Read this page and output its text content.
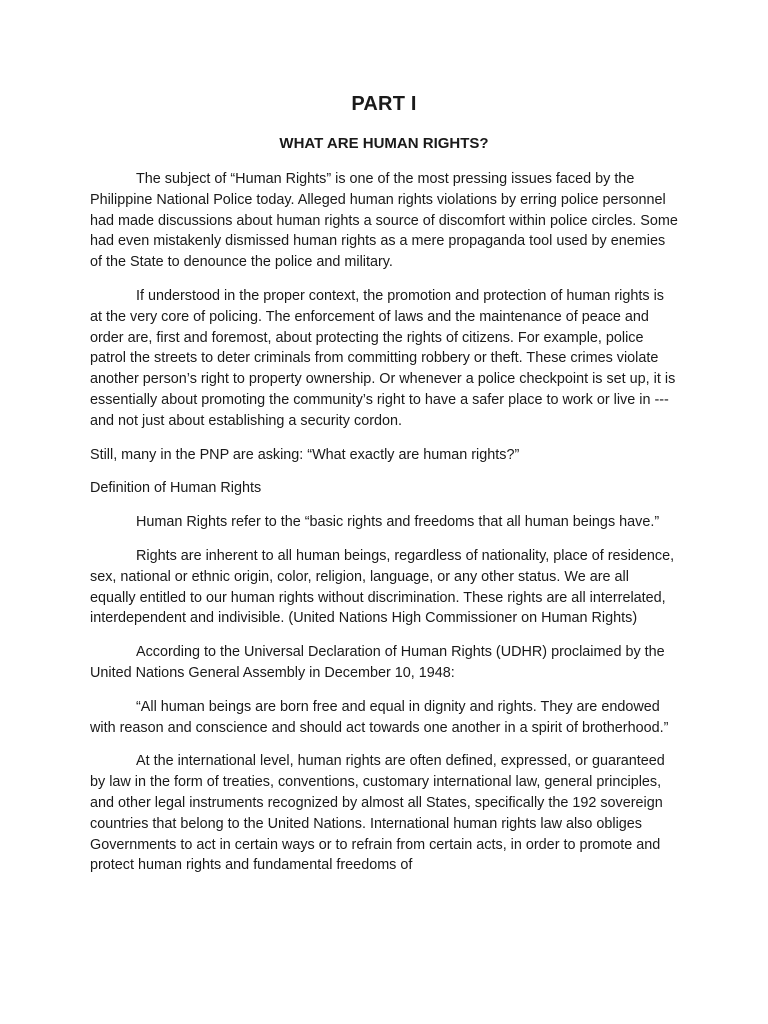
PART I
WHAT ARE HUMAN RIGHTS?

The subject of “Human Rights” is one of the most pressing issues faced by the Philippine National Police today. Alleged human rights violations by erring police personnel had made discussions about human rights a source of discomfort within police circles. Some had even mistakenly dismissed human rights as a mere propaganda tool used by enemies of the State to denounce the police and military.

If understood in the proper context, the promotion and protection of human rights is at the very core of policing. The enforcement of laws and the maintenance of peace and order are, first and foremost, about protecting the rights of citizens. For example, police patrol the streets to deter criminals from committing robbery or theft. These crimes violate another person’s right to property ownership. Or whenever a police checkpoint is set up, it is essentially about promoting the community’s right to have a safer place to work or live in --- and not just about establishing a security cordon.

Still, many in the PNP are asking: “What exactly are human rights?”

Definition of Human Rights

Human Rights refer to the “basic rights and freedoms that all human beings have.”

Rights are inherent to all human beings, regardless of nationality, place of residence, sex, national or ethnic origin, color, religion, language, or any other status. We are all equally entitled to our human rights without discrimination. These rights are all interrelated, interdependent and indivisible. (United Nations High Commissioner on Human Rights)

According to the Universal Declaration of Human Rights (UDHR) proclaimed by the United Nations General Assembly in December 10, 1948:

“All human beings are born free and equal in dignity and rights. They are endowed with reason and conscience and should act towards one another in a spirit of brotherhood.”

At the international level, human rights are often defined, expressed, or guaranteed by law in the form of treaties, conventions, customary international law, general principles, and other legal instruments recognized by almost all States, specifically the 192 sovereign countries that belong to the United Nations. International human rights law also obliges Governments to act in certain ways or to refrain from certain acts, in order to promote and protect human rights and fundamental freedoms of
